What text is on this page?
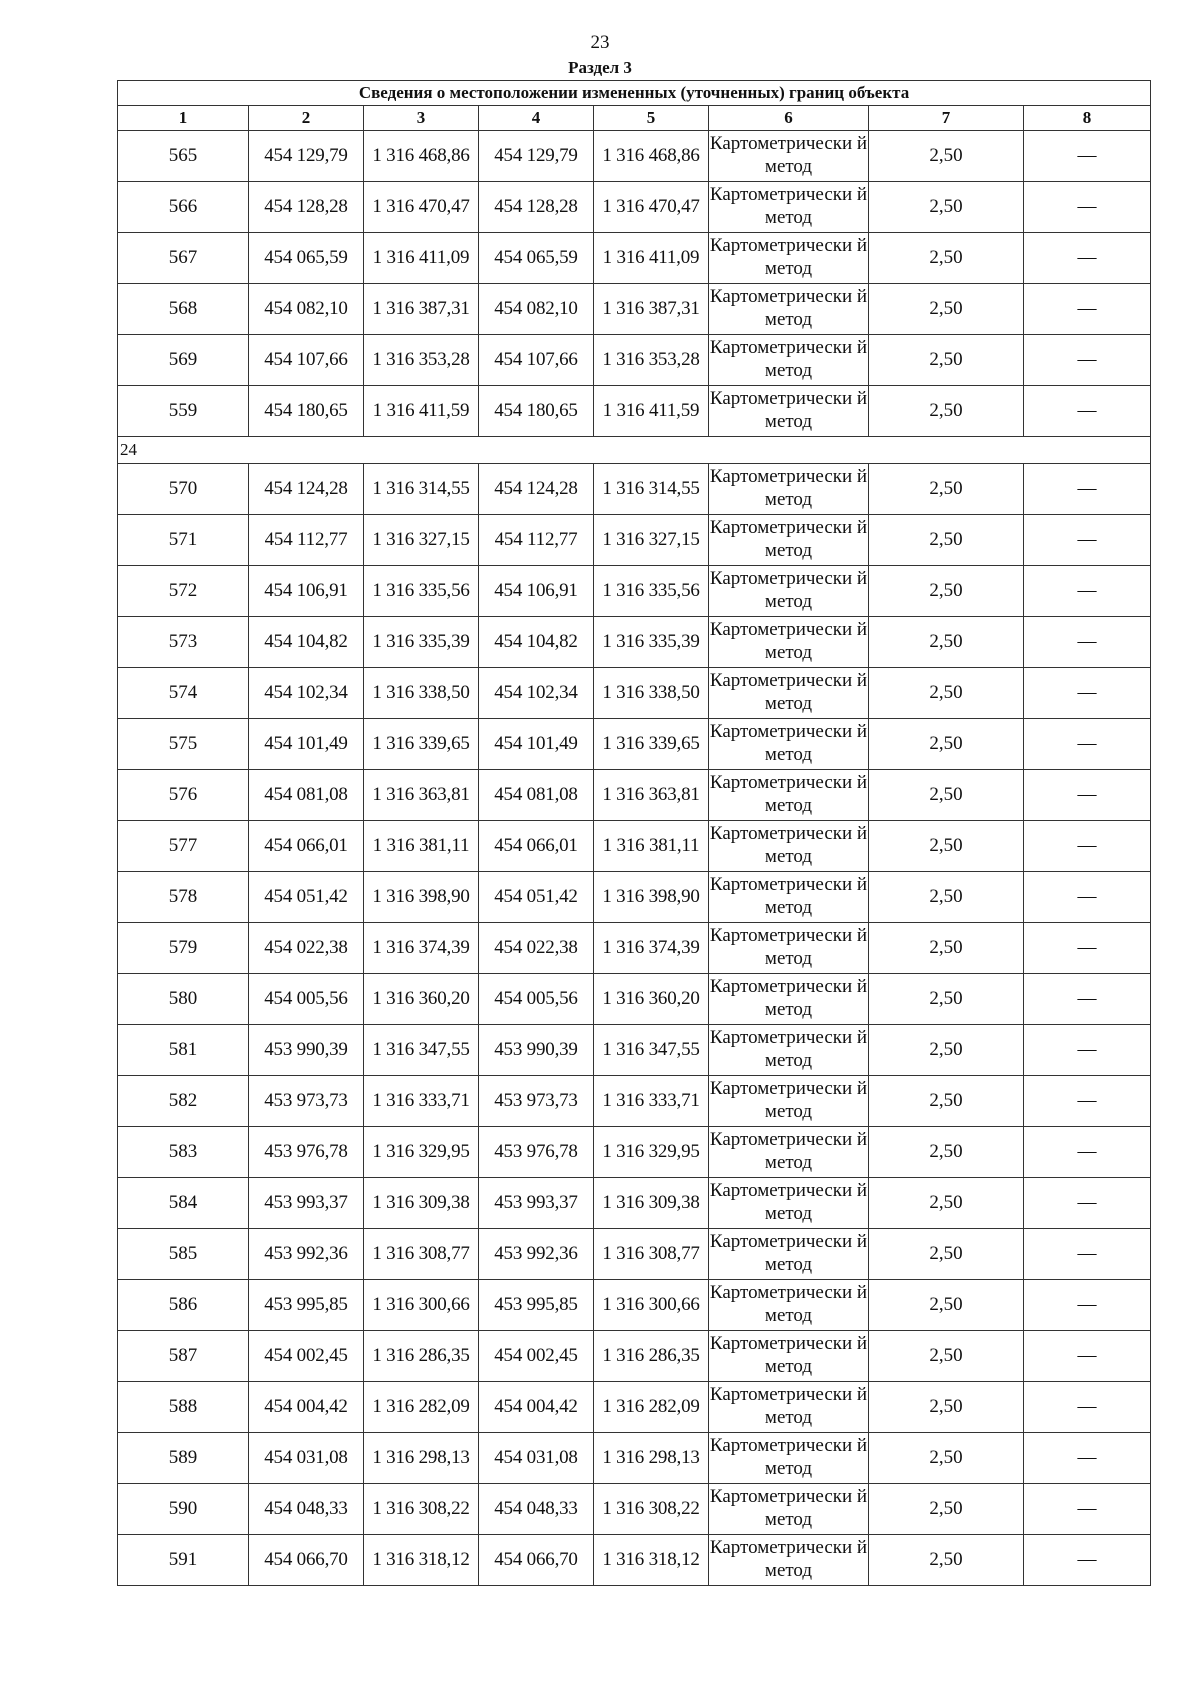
23
Раздел 3
Сведения о местоположении измененных (уточненных) границ объекта							
1	2	3	4	5	6	7	8
565	454 129,79	1 316 468,86	454 129,79	1 316 468,86	Картометрически й метод	2,50	—
566	454 128,28	1 316 470,47	454 128,28	1 316 470,47	Картометрически й метод	2,50	—
567	454 065,59	1 316 411,09	454 065,59	1 316 411,09	Картометрически й метод	2,50	—
568	454 082,10	1 316 387,31	454 082,10	1 316 387,31	Картометрически й метод	2,50	—
569	454 107,66	1 316 353,28	454 107,66	1 316 353,28	Картометрически й метод	2,50	—
559	454 180,65	1 316 411,59	454 180,65	1 316 411,59	Картометрически й метод	2,50	—
24							
570	454 124,28	1 316 314,55	454 124,28	1 316 314,55	Картометрически й метод	2,50	—
571	454 112,77	1 316 327,15	454 112,77	1 316 327,15	Картометрически й метод	2,50	—
572	454 106,91	1 316 335,56	454 106,91	1 316 335,56	Картометрически й метод	2,50	—
573	454 104,82	1 316 335,39	454 104,82	1 316 335,39	Картометрически й метод	2,50	—
574	454 102,34	1 316 338,50	454 102,34	1 316 338,50	Картометрически й метод	2,50	—
575	454 101,49	1 316 339,65	454 101,49	1 316 339,65	Картометрически й метод	2,50	—
576	454 081,08	1 316 363,81	454 081,08	1 316 363,81	Картометрически й метод	2,50	—
577	454 066,01	1 316 381,11	454 066,01	1 316 381,11	Картометрически й метод	2,50	—
578	454 051,42	1 316 398,90	454 051,42	1 316 398,90	Картометрически й метод	2,50	—
579	454 022,38	1 316 374,39	454 022,38	1 316 374,39	Картометрически й метод	2,50	—
580	454 005,56	1 316 360,20	454 005,56	1 316 360,20	Картометрически й метод	2,50	—
581	453 990,39	1 316 347,55	453 990,39	1 316 347,55	Картометрически й метод	2,50	—
582	453 973,73	1 316 333,71	453 973,73	1 316 333,71	Картометрически й метод	2,50	—
583	453 976,78	1 316 329,95	453 976,78	1 316 329,95	Картометрически й метод	2,50	—
584	453 993,37	1 316 309,38	453 993,37	1 316 309,38	Картометрически й метод	2,50	—
585	453 992,36	1 316 308,77	453 992,36	1 316 308,77	Картометрически й метод	2,50	—
586	453 995,85	1 316 300,66	453 995,85	1 316 300,66	Картометрически й метод	2,50	—
587	454 002,45	1 316 286,35	454 002,45	1 316 286,35	Картометрически й метод	2,50	—
588	454 004,42	1 316 282,09	454 004,42	1 316 282,09	Картометрически й метод	2,50	—
589	454 031,08	1 316 298,13	454 031,08	1 316 298,13	Картометрически й метод	2,50	—
590	454 048,33	1 316 308,22	454 048,33	1 316 308,22	Картометрически й метод	2,50	—
591	454 066,70	1 316 318,12	454 066,70	1 316 318,12	Картометрически й метод	2,50	—
